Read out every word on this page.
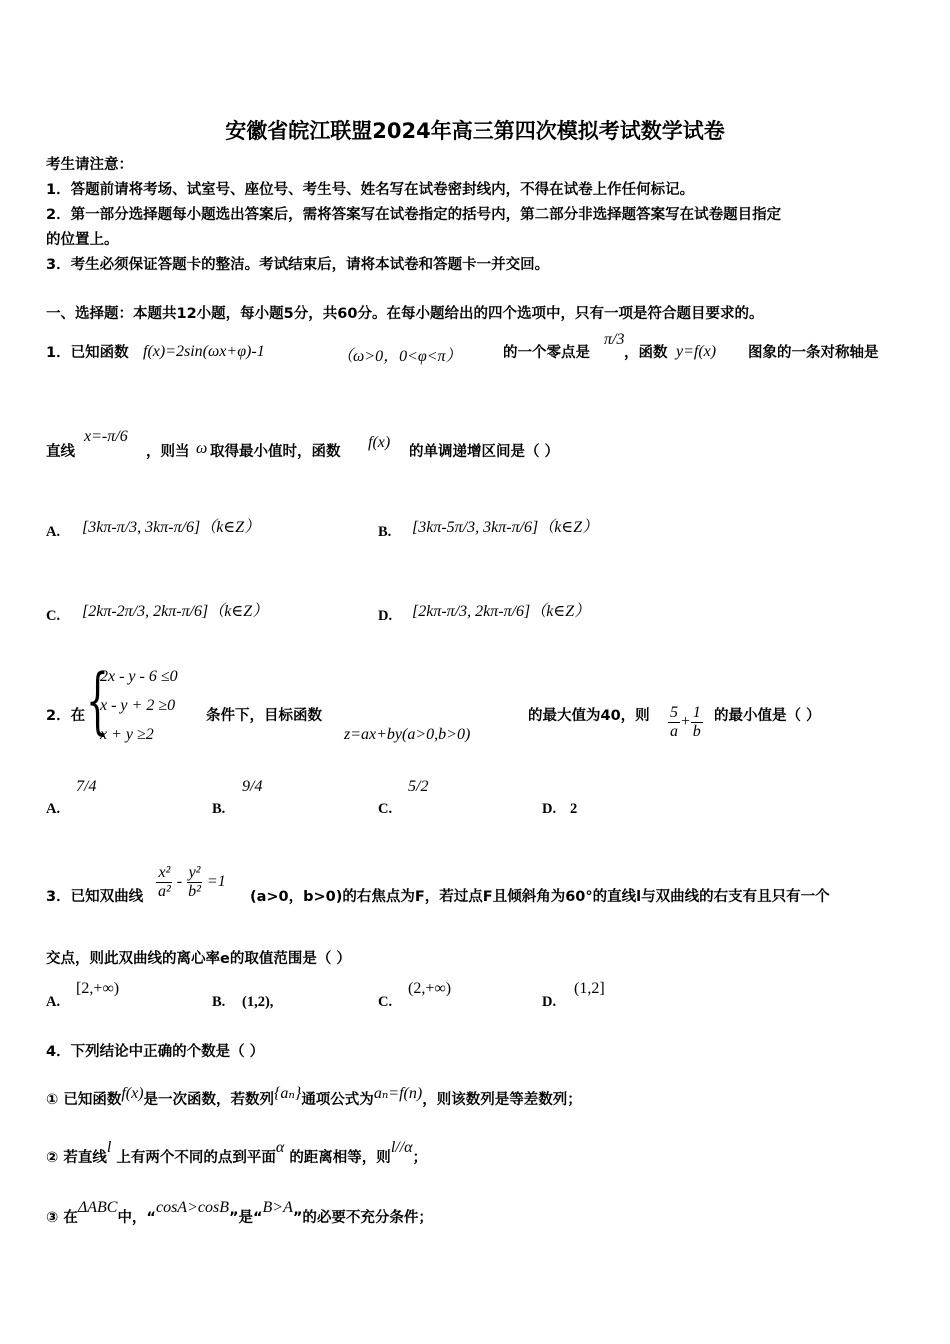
安徽省皖江联盟2024年高三第四次模拟考试数学试卷
考生请注意：
1．答题前请将考场、试室号、座位号、考生号、姓名写在试卷密封线内，不得在试卷上作任何标记。
2．第一部分选择题每小题选出答案后，需将答案写在试卷指定的括号内，第二部分非选择题答案写在试卷题目指定
的位置上。
3．考生必须保证答题卡的整洁。考试结束后，请将本试卷和答题卡一并交回。
一、选择题：本题共12小题，每小题5分，共60分。在每小题给出的四个选项中，只有一项是符合题目要求的。
1．已知函数 f(x)=2sin(ωx+φ)-1	（ω>0，0<φ<π）	的一个零点是
π/3
，函数 y=f(x) 图象的一条对称轴是
直线
x=-π/6
，则当 ω 取得最小值时，函数
f(x)
的单调递增区间是（ ）
A. [3kπ-π/3, 3kπ-π/6]（k∈Z）	B. [3kπ-5π/3, 3kπ-π/6]（k∈Z）
C. [2kπ-2π/3, 2kπ-π/6]（k∈Z）	D. [2kπ-π/3, 2kπ-π/6]（k∈Z）
2．在 {
2x - y - 6 ≤0
x - y + 2 ≥0
x + y ≥2
条件下，目标函数
z=ax+by(a>0,b>0)
的最大值为40，则 $\frac{5}{a} + \frac{1}{b}$ 的最小值是（ ）
A.
7/4
B.
9/4
C.
5/2
D. 2
3．已知双曲线 $\frac{\text{x²}}{\text{a²}} - \frac{\text{y²}}{\text{b²}} =1$
(a>0，b>0)的右焦点为F，若过点F且倾斜角为60°的直线l与双曲线的右支有且只有一个
交点，则此双曲线的离心率e的取值范围是（ ）
A.
[2,+∞)
B. (1,2),	C.
(2,+∞)
D.
(1,2]
4．下列结论中正确的个数是（ ）
① 已知函数f(x)是一次函数，若数列{aₙ}通项公式为aₙ=f(n)，则该数列是等差数列；
② 若直线l 上有两个不同的点到平面α 的距离相等，则l//α；
③ 在ΔABC中，“cosA>cosB”是“B>A”的必要不充分条件；
